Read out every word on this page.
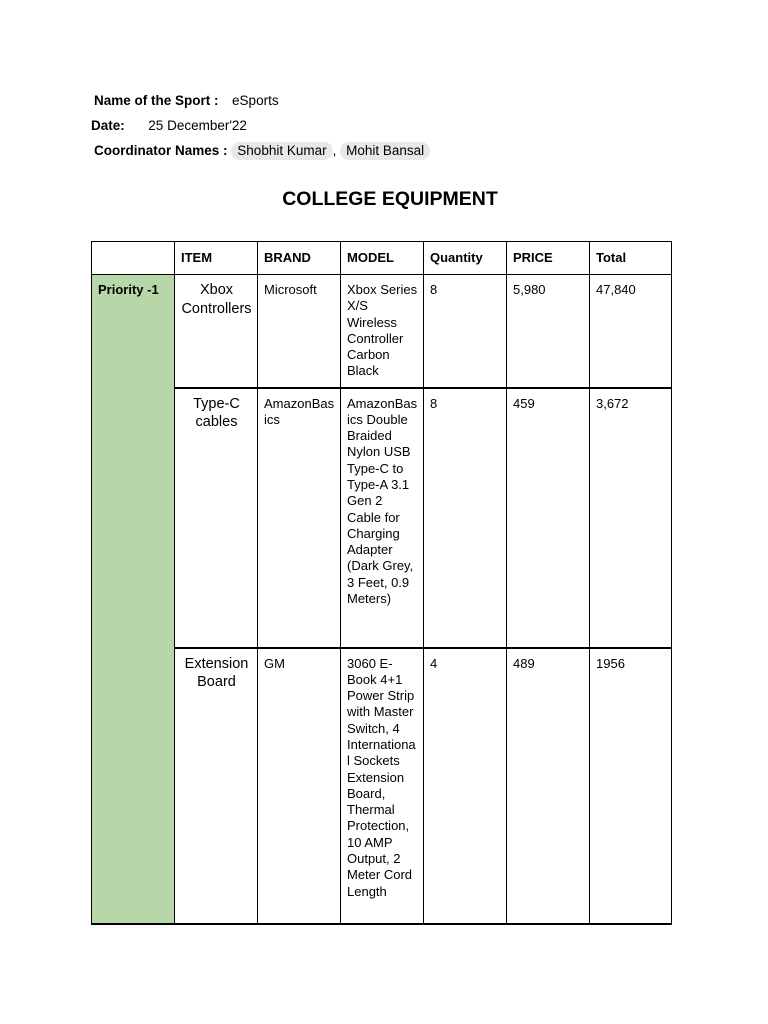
Name of the Sport : eSports
Date: 25 December'22
Coordinator Names : Shobhit Kumar , Mohit Bansal
COLLEGE EQUIPMENT
	ITEM	BRAND	MODEL	Quantity	PRICE	Total
Priority -1	Xbox Controllers	Microsoft	Xbox Series X/S Wireless Controller Carbon Black	8	5,980	47,840
	Type-C cables	AmazonBasics	AmazonBasics Double Braided Nylon USB Type-C to Type-A 3.1 Gen 2 Cable for Charging Adapter (Dark Grey, 3 Feet, 0.9 Meters)	8	459	3,672
	Extension Board	GM	3060 E-Book 4+1 Power Strip with Master Switch, 4 International Sockets Extension Board, Thermal Protection, 10 AMP Output, 2 Meter Cord Length	4	489	1956
